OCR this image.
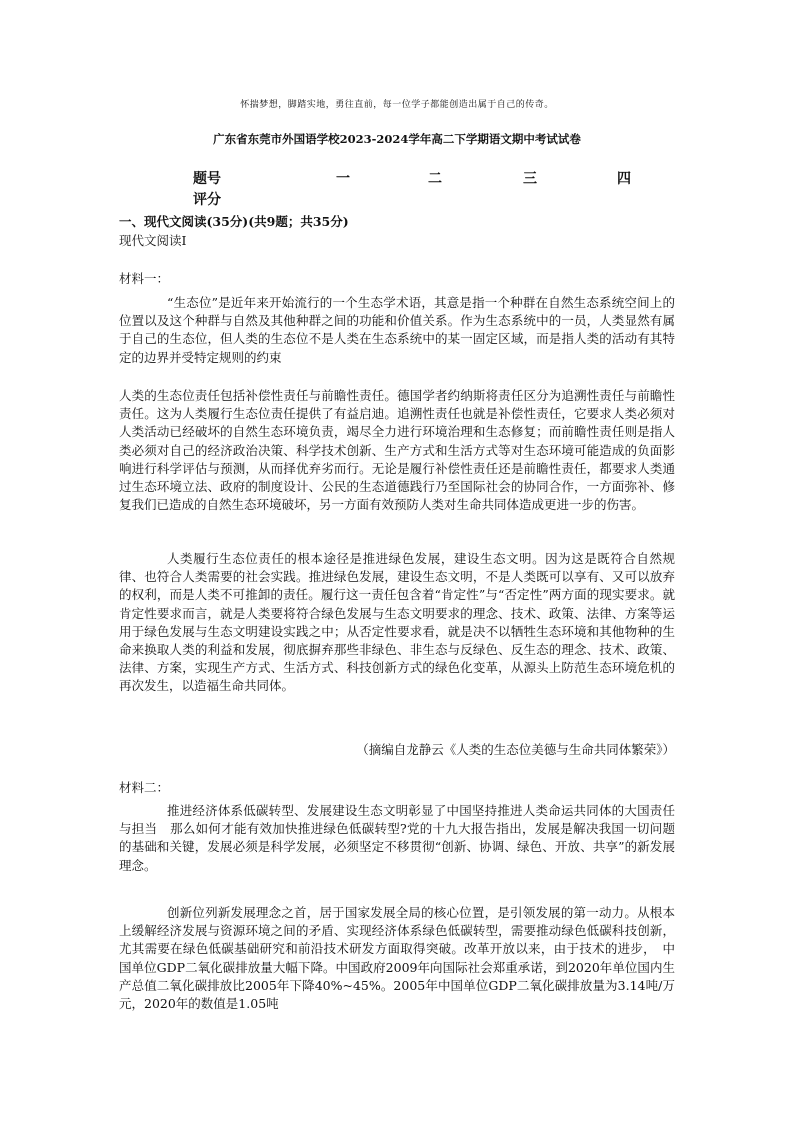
怀揣梦想，脚踏实地，勇往直前，每一位学子都能创造出属于自己的传奇。
广东省东莞市外国语学校2023-2024学年高二下学期语文期中考试试卷
题号	一	二	三	四
评分
一、现代文阅读(35分)(共9题；共35分)
现代文阅读Ⅰ
材料一：

“生态位”是近年来开始流行的一个生态学术语，其意是指一个种群在自然生态系统空间上的位置以及这个种群与自然及其他种群之间的功能和价值关系。作为生态系统中的一员，人类显然有属于自己的生态位，但人类的生态位不是人类在生态系统中的某一固定区域，而是指人类的活动有其特定的边界并受特定规则的约束

人类的生态位责任包括补偿性责任与前瞻性责任。德国学者约纳斯将责任区分为追溯性责任与前瞻性责任。这为人类履行生态位责任提供了有益启迪。追溯性责任也就是补偿性责任，它要求人类必须对人类活动已经破坏的自然生态环境负责，竭尽全力进行环境治理和生态修复；而前瞻性责任则是指人类必须对自己的经济政治决策、科学技术创新、生产方式和生活方式等对生态环境可能造成的负面影响进行科学评估与预测，从而择优弃劣而行。无论是履行补偿性责任还是前瞻性责任，都要求人类通过生态环境立法、政府的制度设计、公民的生态道德践行乃至国际社会的协同合作，一方面弥补、修复我们已造成的自然生态环境破坏，另一方面有效预防人类对生命共同体造成更进一步的伤害。

人类履行生态位责任的根本途径是推进绿色发展，建设生态文明。因为这是既符合自然规律、也符合人类需要的社会实践。推进绿色发展，建设生态文明，不是人类既可以享有、又可以放弃的权利，而是人类不可推卸的责任。履行这一责任包含着“肯定性”与“否定性”两方面的现实要求。就肯定性要求而言，就是人类要将符合绿色发展与生态文明要求的理念、技术、政策、法律、方案等运用于绿色发展与生态文明建设实践之中；从否定性要求看，就是决不以牺牲生态环境和其他物种的生命来换取人类的利益和发展，彻底摒弃那些非绿色、非生态与反绿色、反生态的理念、技术、政策、法律、方案，实现生产方式、生活方式、科技创新方式的绿色化变革，从源头上防范生态环境危机的再次发生，以造福生命共同体。

（摘编自龙静云《人类的生态位美德与生命共同体繁荣》）
材料二：

推进经济体系低碳转型、发展建设生态文明彰显了中国坚持推进人类命运共同体的大国责任与担当　那么如何才能有效加快推进绿色低碳转型?党的十九大报告指出，发展是解决我国一切问题的基础和关键，发展必须是科学发展，必须坚定不移贯彻“创新、协调、绿色、开放、共享”的新发展理念。

创新位列新发展理念之首，居于国家发展全局的核心位置，是引领发展的第一动力。从根本上缓解经济发展与资源环境之间的矛盾、实现经济体系绿色低碳转型，需要推动绿色低碳科技创新，尤其需要在绿色低碳基础研究和前沿技术研发方面取得突破。改革开放以来，由于技术的进步，　中国单位GDP二氧化碳排放量大幅下降。中国政府2009年向国际社会郑重承诺，到2020年单位国内生产总值二氧化碳排放比2005年下降40%~45%。2005年中国单位GDP二氧化碳排放量为3.14吨/万元，2020年的数值是1.05吨
